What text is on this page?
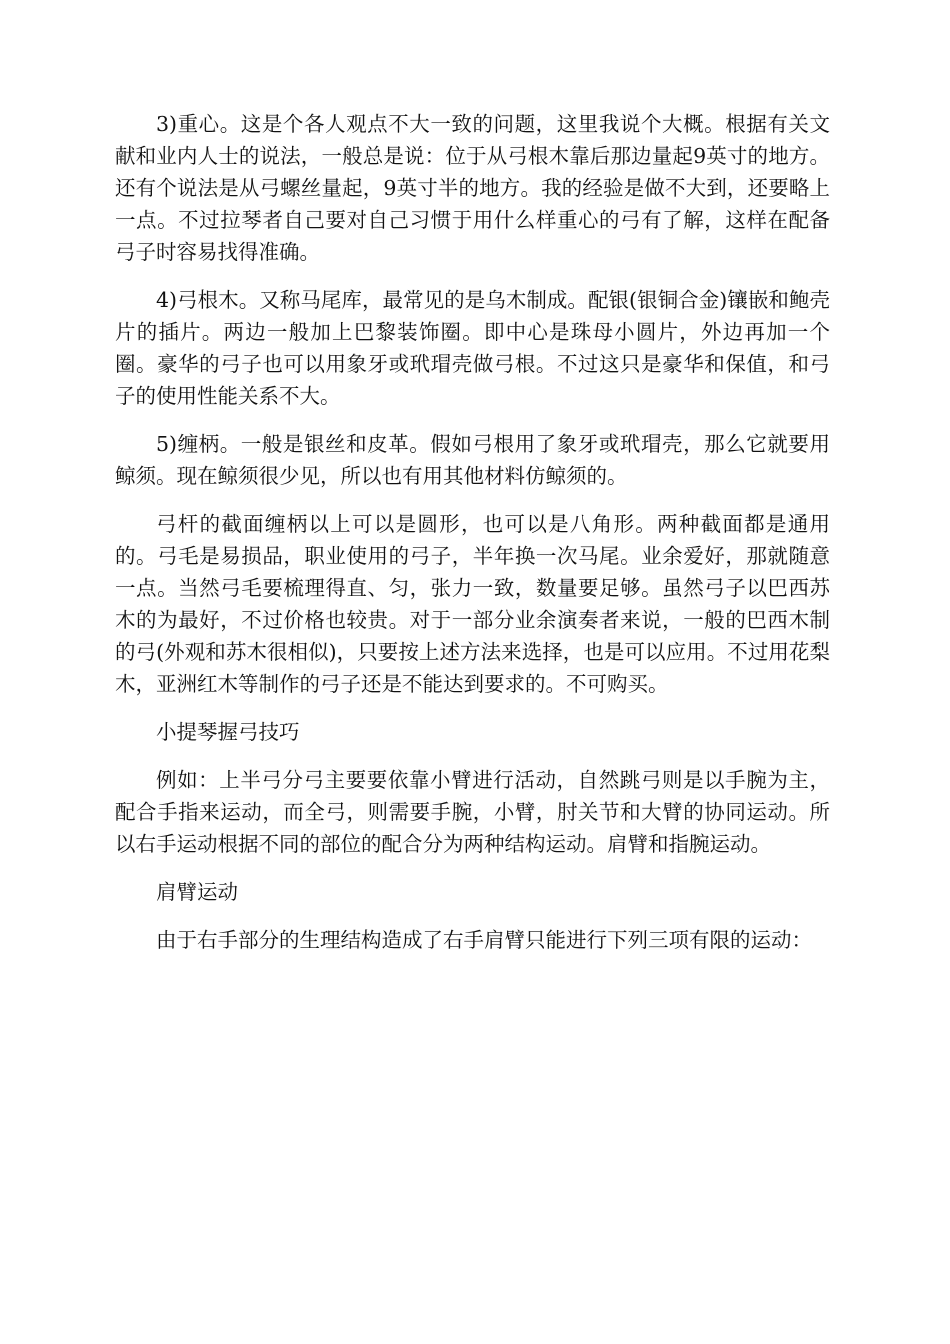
3)重心。这是个各人观点不大一致的问题，这里我说个大概。根据有关文献和业内人士的说法，一般总是说：位于从弓根木靠后那边量起9英寸的地方。还有个说法是从弓螺丝量起，9英寸半的地方。我的经验是做不大到，还要略上一点。不过拉琴者自己要对自己习惯于用什么样重心的弓有了解，这样在配备弓子时容易找得准确。

4)弓根木。又称马尾库，最常见的是乌木制成。配银(银铜合金)镶嵌和鲍壳片的插片。两边一般加上巴黎装饰圈。即中心是珠母小圆片，外边再加一个圈。豪华的弓子也可以用象牙或玳瑁壳做弓根。不过这只是豪华和保值，和弓子的使用性能关系不大。

5)缠柄。一般是银丝和皮革。假如弓根用了象牙或玳瑁壳，那么它就要用鲸须。现在鲸须很少见，所以也有用其他材料仿鲸须的。

弓杆的截面缠柄以上可以是圆形，也可以是八角形。两种截面都是通用的。弓毛是易损品，职业使用的弓子，半年换一次马尾。业余爱好，那就随意一点。当然弓毛要梳理得直、匀，张力一致，数量要足够。虽然弓子以巴西苏木的为最好，不过价格也较贵。对于一部分业余演奏者来说，一般的巴西木制的弓(外观和苏木很相似)，只要按上述方法来选择，也是可以应用。不过用花梨木，亚洲红木等制作的弓子还是不能达到要求的。不可购买。

小提琴握弓技巧

例如：上半弓分弓主要要依靠小臂进行活动，自然跳弓则是以手腕为主，配合手指来运动，而全弓，则需要手腕，小臂，肘关节和大臂的协同运动。所以右手运动根据不同的部位的配合分为两种结构运动。肩臂和指腕运动。

肩臂运动

由于右手部分的生理结构造成了右手肩臂只能进行下列三项有限的运动：
